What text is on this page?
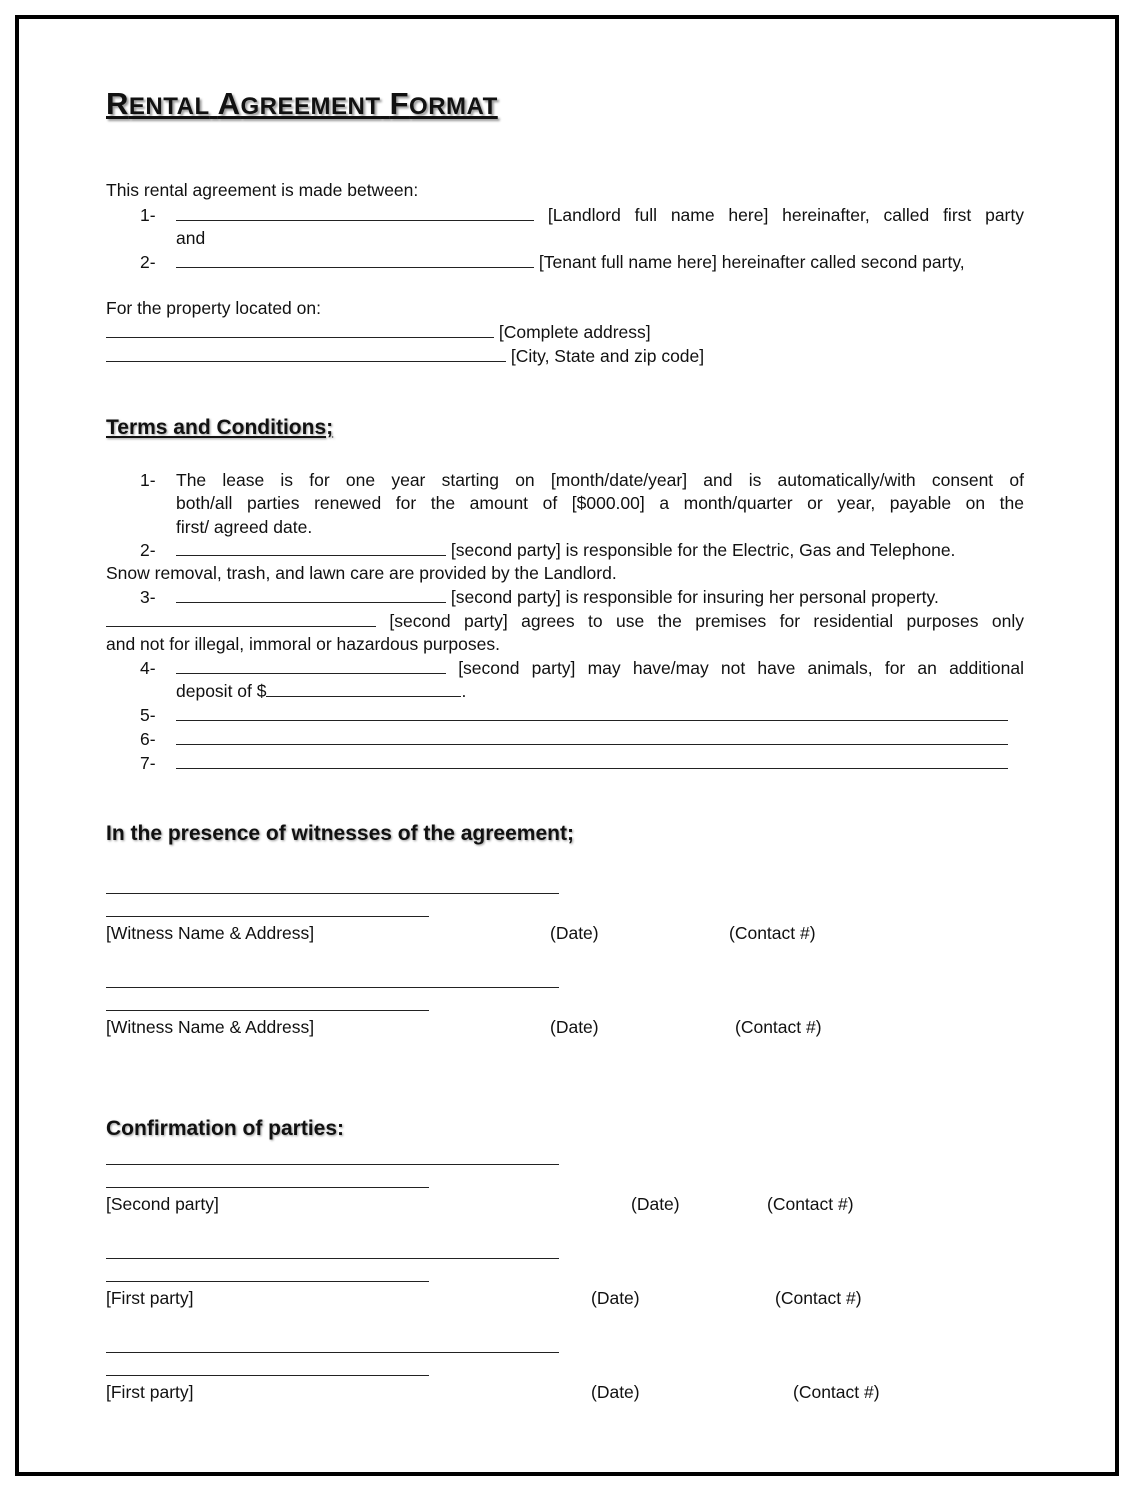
RENTAL AGREEMENT FORMAT
This rental agreement is made between:
1-	[Landlord full name here] hereinafter, called first party
and
2-	[Tenant full name here] hereinafter called second party,
For the property located on:
[Complete address]
[City, State and zip code]
Terms and Conditions;
1- The lease is for one year starting on [month/date/year] and is automatically/with consent of
both/all parties renewed for the amount of [$000.00] a month/quarter or year, payable on the
first/ agreed date.
2-	[second party] is responsible for the Electric, Gas and Telephone.
Snow removal, trash, and lawn care are provided by the Landlord.
3-	[second party] is responsible for insuring her personal property.
[second party] agrees to use the premises for residential purposes only
and not for illegal, immoral or hazardous purposes.
4-	[second party] may have/may not have animals, for an additional
deposit of $	.
5-
6-
7-
In the presence of witnesses of the agreement;
[Witness Name & Address]	(Date)	(Contact #)
[Witness Name & Address]	(Date)	(Contact #)
Confirmation of parties:
[Second party]	(Date)	(Contact #)
[First party]	(Date)	(Contact #)
[First party]	(Date)	(Contact #)
